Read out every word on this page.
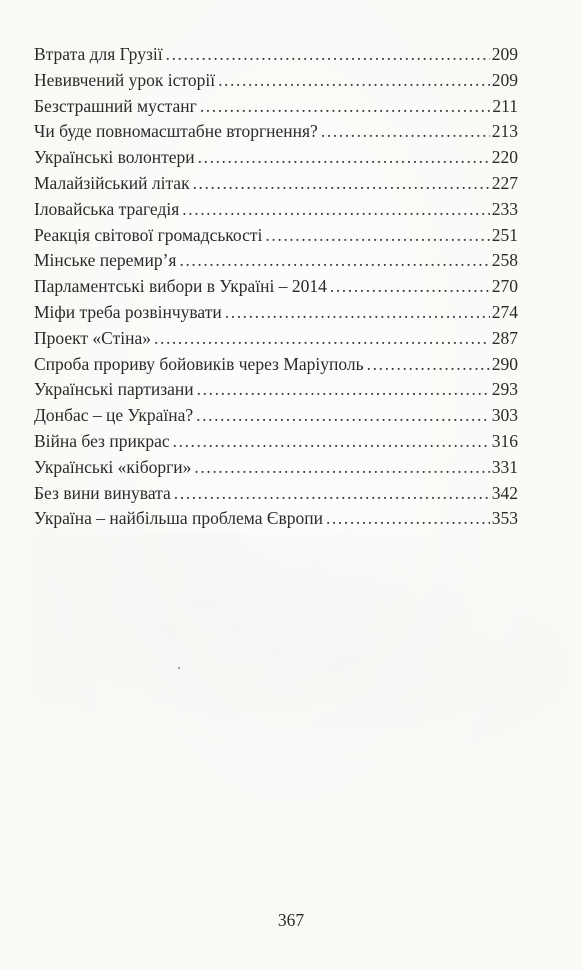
Втрата для Грузії .....	209
Невивчений урок історії .....	209
Безстрашний мустанг .....	211
Чи буде повномасштабне вторгнення? .....	213
Українські волонтери .....	220
Малайзійський літак .....	227
Іловайська трагедія .....	233
Реакція світової громадськості .....	251
Мінське перемир’я .....	258
Парламентські вибори в Україні – 2014 .....	270
Міфи треба розвінчувати .....	274
Проект «Стіна» .....	287
Спроба прориву бойовиків через Маріуполь .....	290
Українські партизани .....	293
Донбас – це Україна? .....	303
Війна без прикрас .....	316
Українські «кіборги» .....	331
Без вини винувата .....	342
Україна – найбільша проблема Європи .....	353
367
